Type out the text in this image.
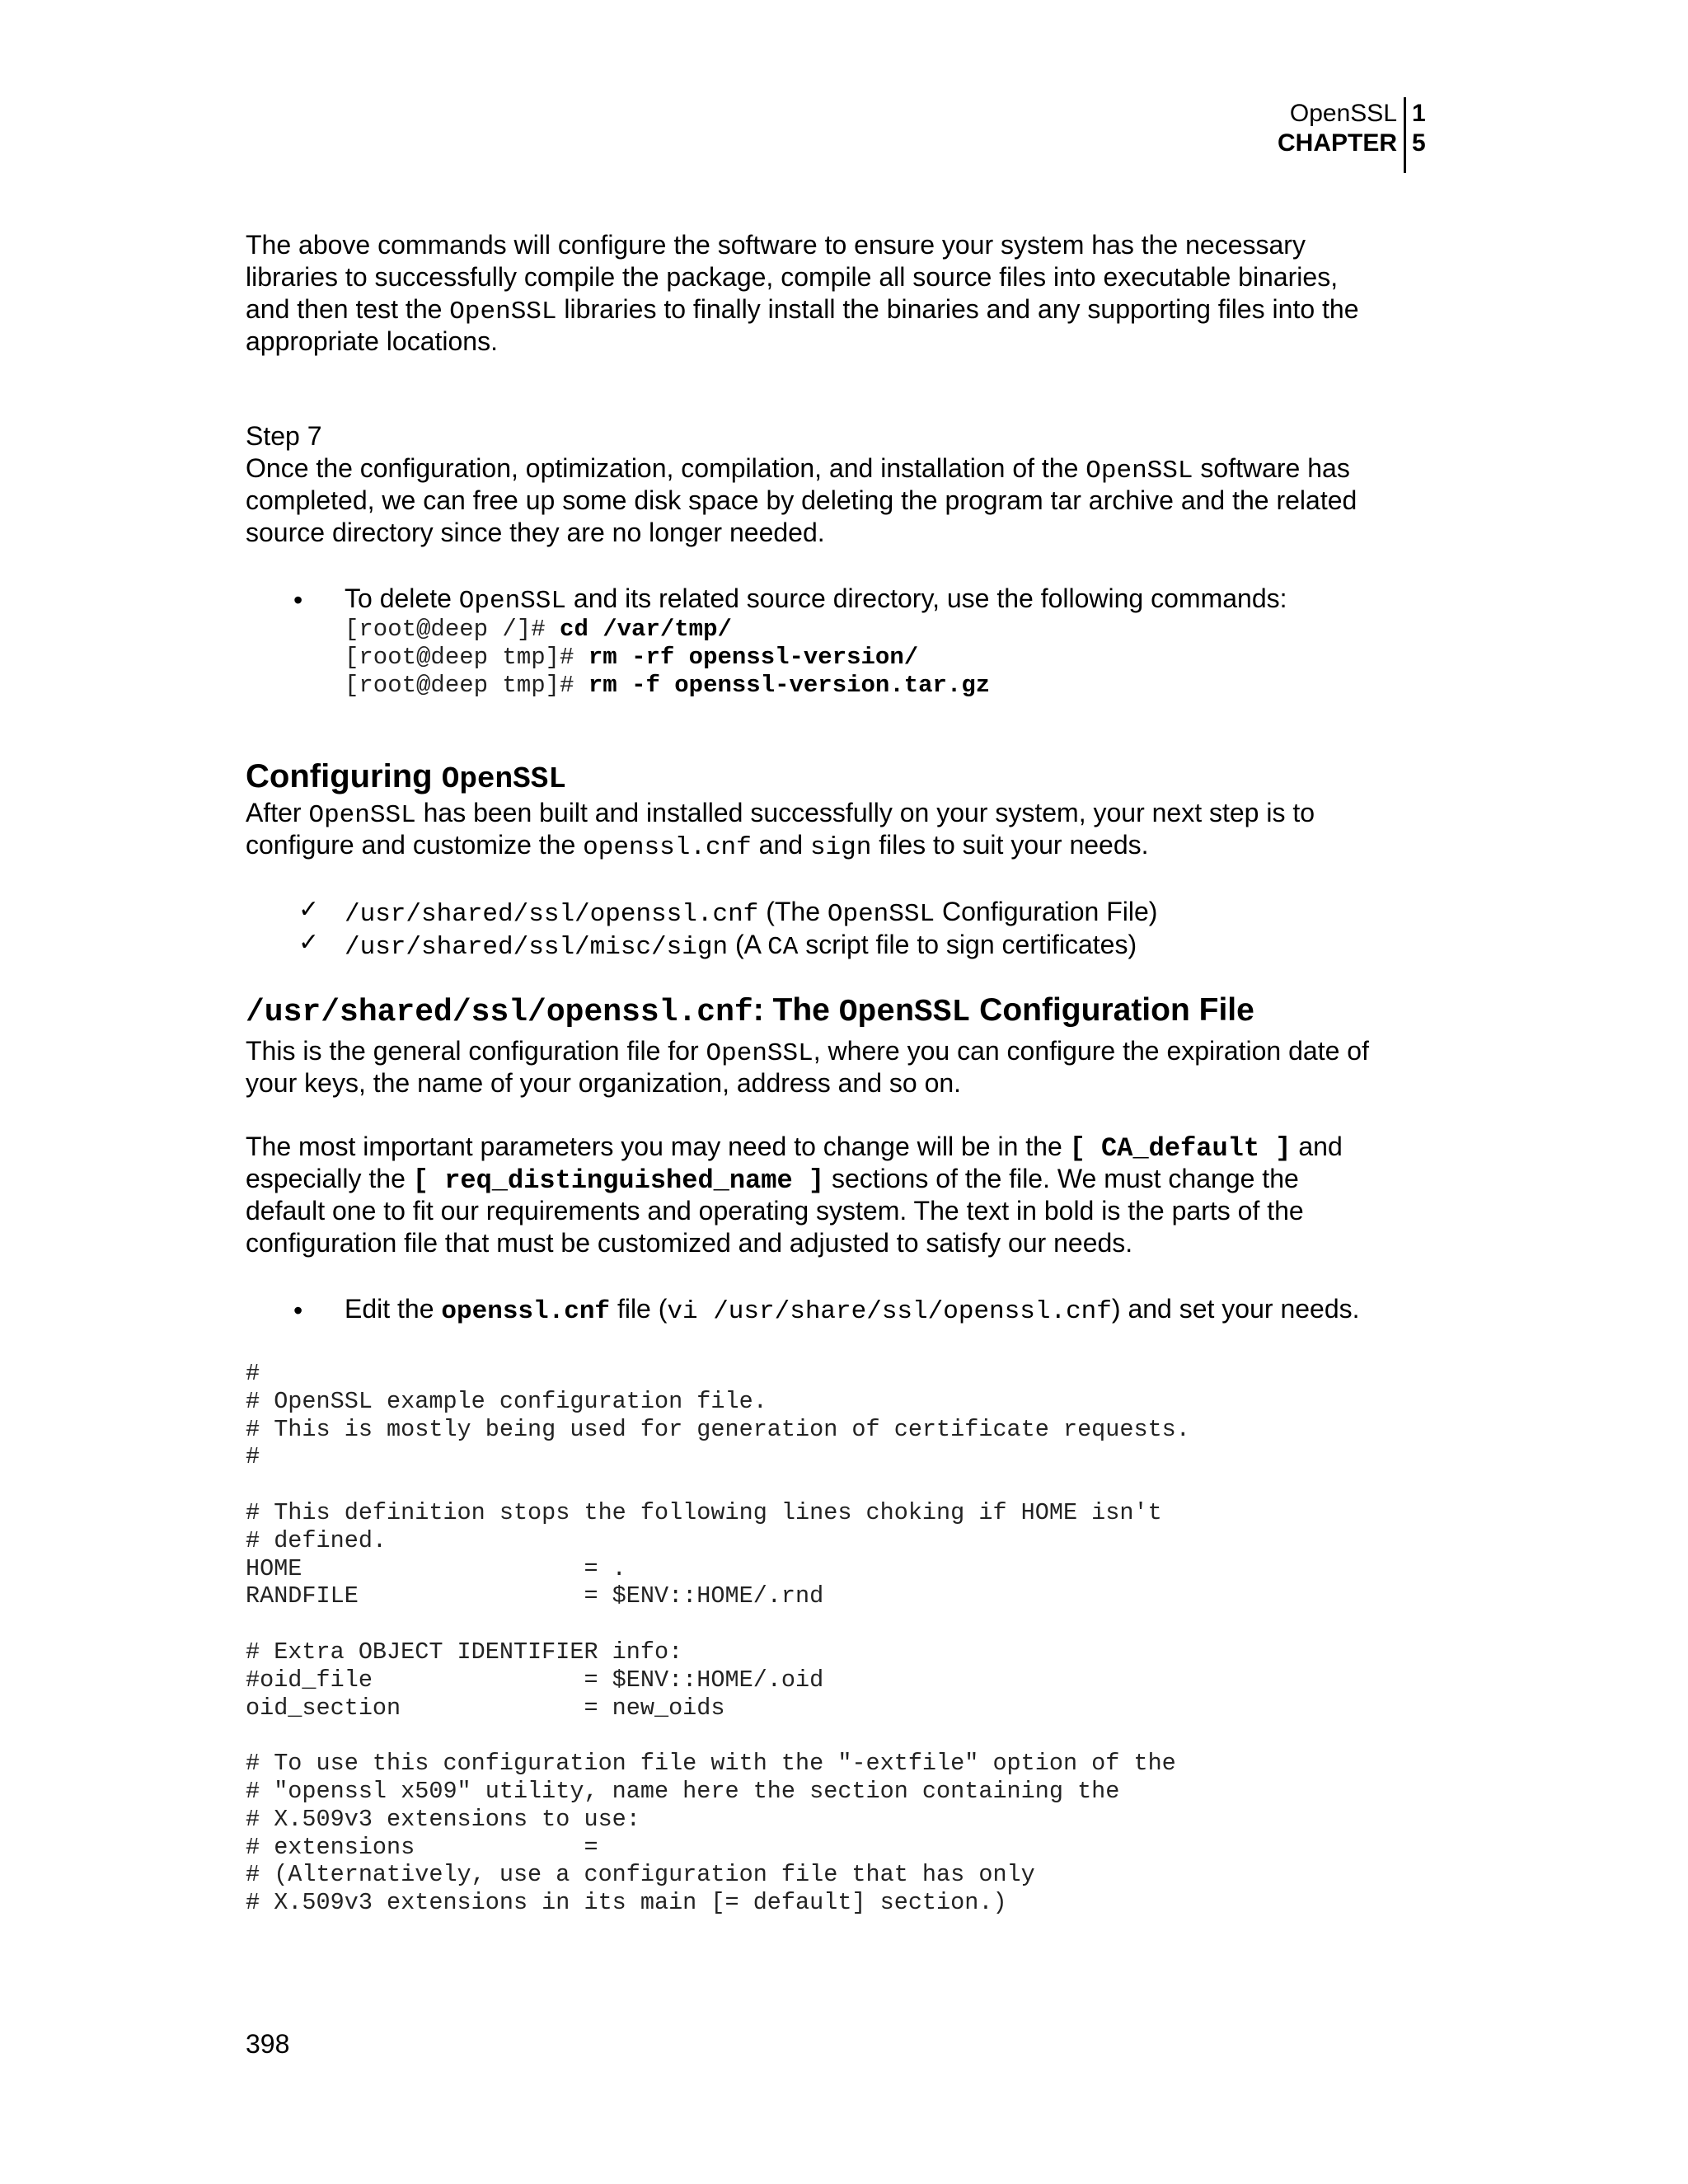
OpenSSL
CHAPTER
1
5
The above commands will configure the software to ensure your system has the necessary
libraries to successfully compile the package, compile all source files into executable binaries,
and then test the OpenSSL libraries to finally install the binaries and any supporting files into the
appropriate locations.
Step 7
Once the configuration, optimization, compilation, and installation of the OpenSSL software has
completed, we can free up some disk space by deleting the program tar archive and the related
source directory since they are no longer needed.
• To delete OpenSSL and its related source directory, use the following commands:
[root@deep /]# cd /var/tmp/
[root@deep tmp]# rm -rf openssl-version/
[root@deep tmp]# rm -f openssl-version.tar.gz
Configuring OpenSSL
After OpenSSL has been built and installed successfully on your system, your next step is to
configure and customize the openssl.cnf and sign files to suit your needs.
✓ /usr/shared/ssl/openssl.cnf (The OpenSSL Configuration File)
✓ /usr/shared/ssl/misc/sign (A CA script file to sign certificates)
/usr/shared/ssl/openssl.cnf: The OpenSSL Configuration File
This is the general configuration file for OpenSSL, where you can configure the expiration date of
your keys, the name of your organization, address and so on.
The most important parameters you may need to change will be in the [ CA_default ] and
especially the [ req_distinguished_name ] sections of the file. We must change the
default one to fit our requirements and operating system. The text in bold is the parts of the
configuration file that must be customized and adjusted to satisfy our needs.
• Edit the openssl.cnf file (vi /usr/share/ssl/openssl.cnf) and set your needs.
#
# OpenSSL example configuration file.
# This is mostly being used for generation of certificate requests.
#
# This definition stops the following lines choking if HOME isn't
# defined.
HOME                    = .
RANDFILE                = $ENV::HOME/.rnd
# Extra OBJECT IDENTIFIER info:
#oid_file               = $ENV::HOME/.oid
oid_section             = new_oids
# To use this configuration file with the "-extfile" option of the
# "openssl x509" utility, name here the section containing the
# X.509v3 extensions to use:
# extensions            =
# (Alternatively, use a configuration file that has only
# X.509v3 extensions in its main [= default] section.)
398
